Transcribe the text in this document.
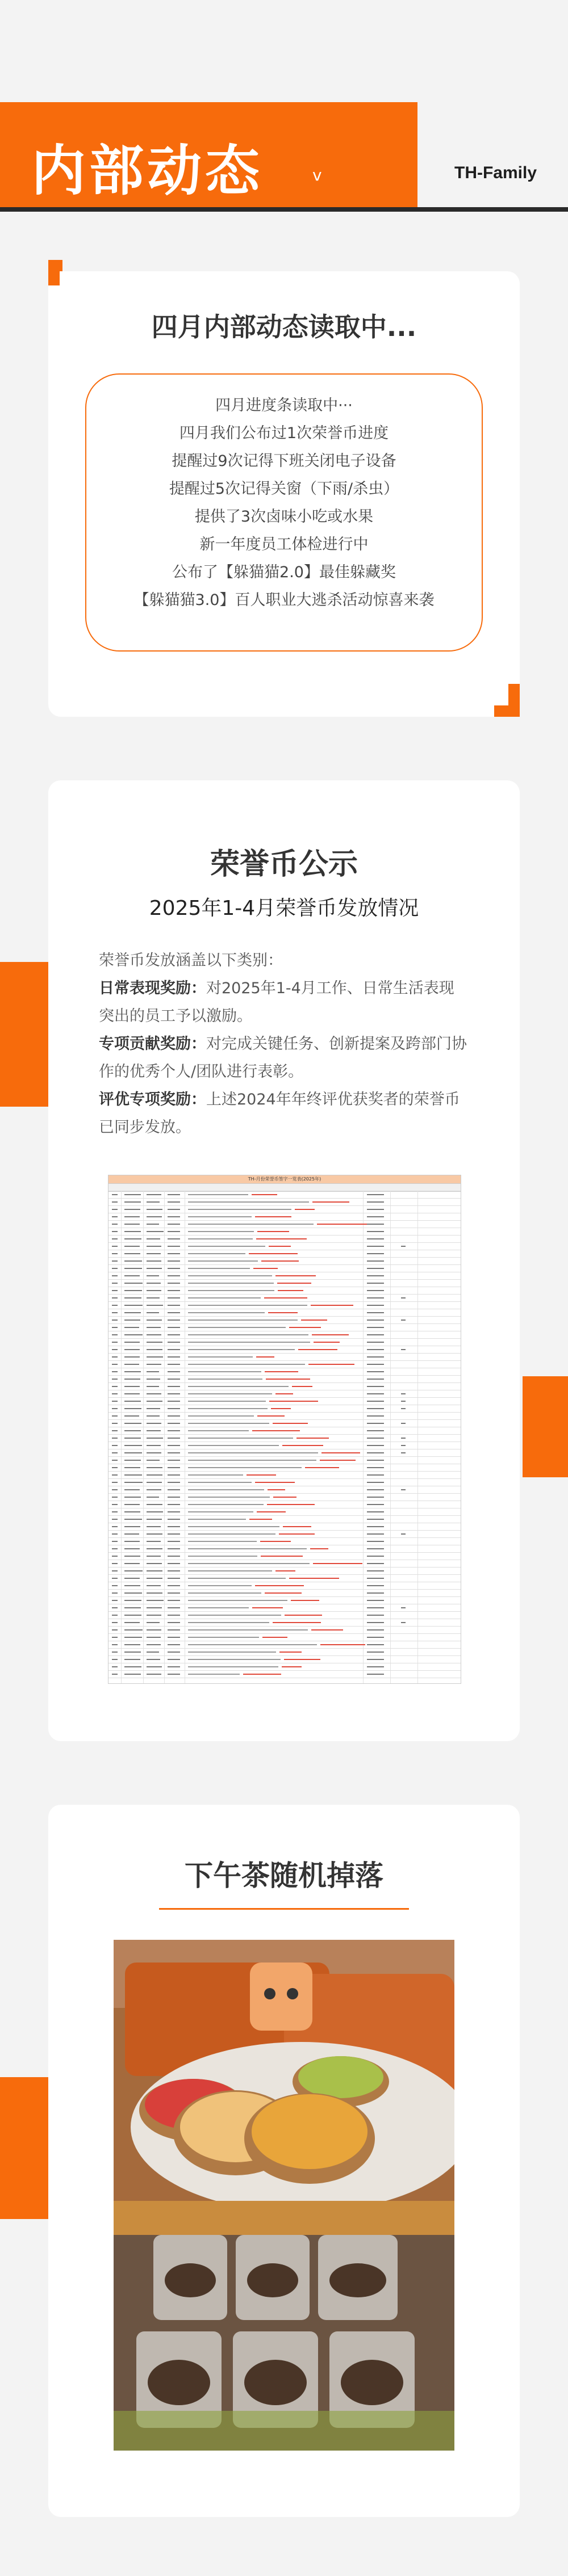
内部动态	v	TH-Family
四月内部动态读取中...
四月进度条读取中···
四月我们公布过1次荣誉币进度
提醒过9次记得下班关闭电子设备
提醒过5次记得关窗（下雨/杀虫）
提供了3次卤味小吃或水果
新一年度员工体检进行中
公布了【躲猫猫2.0】最佳躲藏奖
【躲猫猫3.0】百人职业大逃杀活动惊喜来袭
荣誉币公示
2025年1-4月荣誉币发放情况
荣誉币发放涵盖以下类别：
日常表现奖励：对2025年1-4月工作、日常生活表现突出的员工予以激励。
专项贡献奖励：对完成关键任务、创新提案及跨部门协作的优秀个人/团队进行表彰。
评优专项奖励：上述2024年年终评优获奖者的荣誉币已同步发放。
TH-月份荣誉币签字一览表(2025年)
下午茶随机掉落
